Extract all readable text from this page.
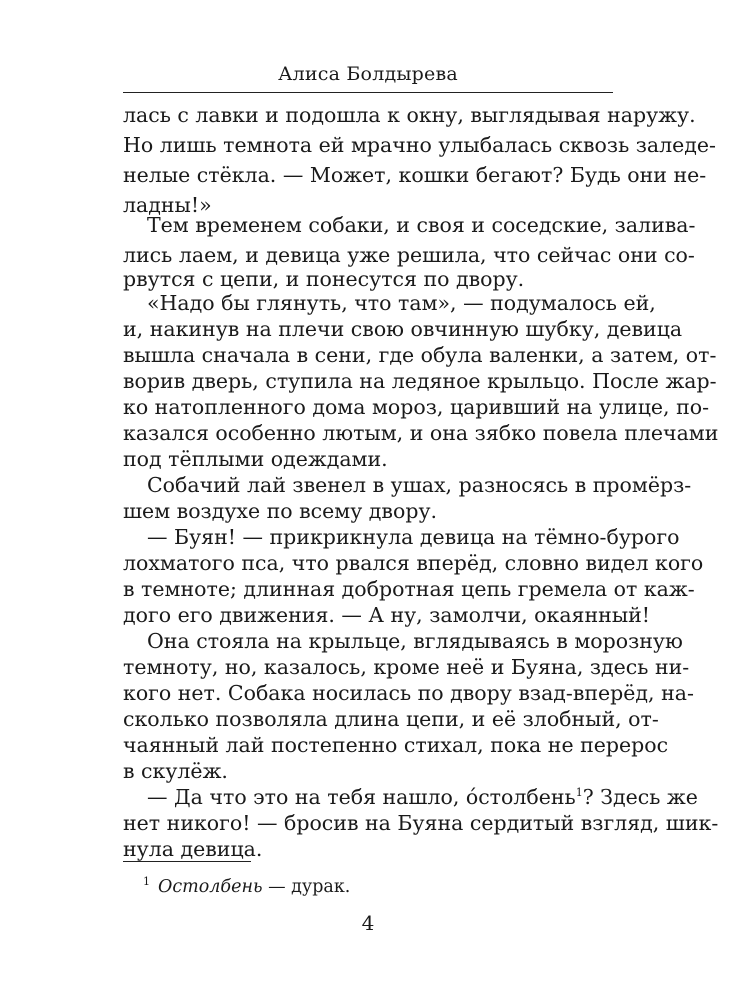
Алиса Болдырева
лась с лавки и подошла к окну, выглядывая наружу.
Но лишь темнота ей мрачно улыбалась сквозь заледе-
нелые стёкла. — Может, кошки бегают? Будь они не-
ладны!»
Тем временем собаки, и своя и соседские, залива-
лись лаем, и девица уже решила, что сейчас они со-
рвутся с цепи, и понесутся по двору.
«Надо бы глянуть, что там», — подумалось ей,
и, накинув на плечи свою овчинную шубку, девица
вышла сначала в сени, где обула валенки, а затем, от-
ворив дверь, ступила на ледяное крыльцо. После жар-
ко натопленного дома мороз, царивший на улице, по-
казался особенно лютым, и она зябко повела плечами
под тёплыми одеждами.
Собачий лай звенел в ушах, разносясь в промёрз-
шем воздухе по всему двору.
— Буян! — прикрикнула девица на тёмно-бурого
лохматого пса, что рвался вперёд, словно видел кого
в темноте; длинная добротная цепь гремела от каж-
дого его движения. — А ну, замолчи, окаянный!
Она стояла на крыльце, вглядываясь в морозную
темноту, но, казалось, кроме неё и Буяна, здесь ни-
кого нет. Собака носилась по двору взад-вперёд, на-
сколько позволяла длина цепи, и её злобный, от-
чаянный лай постепенно стихал, пока не перерос
в скулёж.
— Да что это на тебя нашло, óстолбень$^1$? Здесь же
нет никого! — бросив на Буяна сердитый взгляд, шик-
нула девица.
$^1$ Остолбень — дурак.
4
